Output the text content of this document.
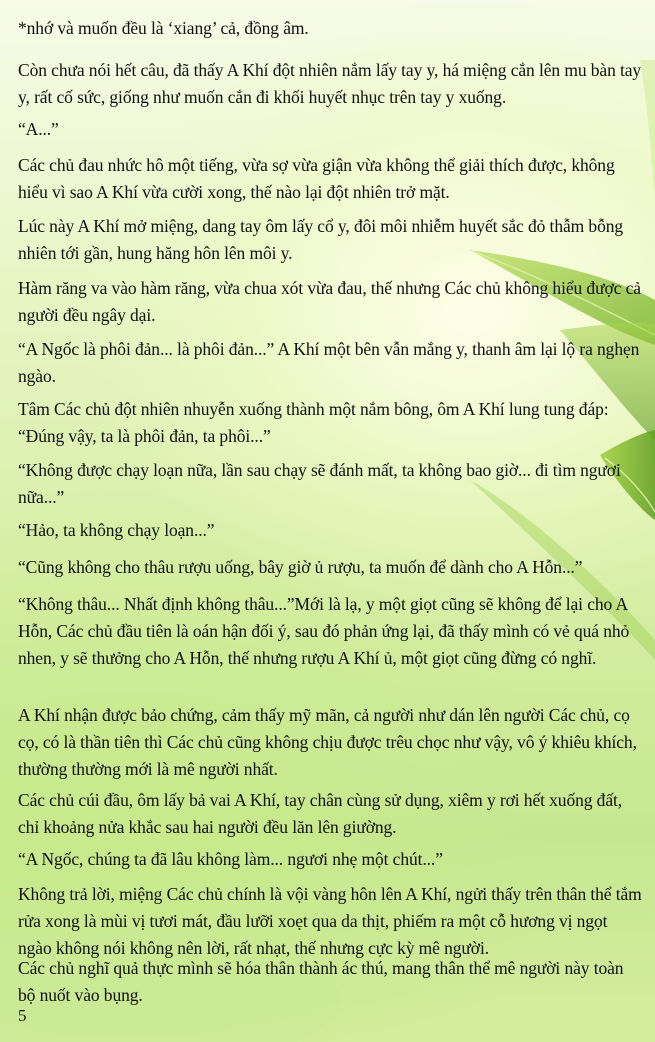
*nhớ và muốn đều là ‘xiang’ cả, đồng âm.

Còn chưa nói hết câu, đã thấy A Khí đột nhiên nắm lấy tay y, há miệng cắn lên mu bàn tay y, rất cố sức, giống như muốn cắn đi khối huyết nhục trên tay y xuống.

“A...”

Các chủ đau nhức hô một tiếng, vừa sợ vừa giận vừa không thể giải thích được, không hiểu vì sao A Khí vừa cười xong, thế nào lại đột nhiên trở mặt.

Lúc này A Khí mở miệng, dang tay ôm lấy cổ y, đôi môi nhiễm huyết sắc đỏ thẫm bỗng nhiên tới gần, hung hăng hôn lên môi y.

Hàm răng va vào hàm răng, vừa chua xót vừa đau, thế nhưng Các chủ không hiểu được cả người đều ngây dại.

“A Ngốc là phôi đản... là phôi đản...” A Khí một bên vẫn mắng y, thanh âm lại lộ ra nghẹn ngào.

Tâm Các chủ đột nhiên nhuyễn xuống thành một nắm bông, ôm A Khí lung tung đáp: “Đúng vậy, ta là phôi đản, ta phôi...”

“Không được chạy loạn nữa, lần sau chạy sẽ đánh mất, ta không bao giờ... đi tìm ngươi nữa...”

“Hảo, ta không chạy loạn...”

“Cũng không cho thâu rượu uống, bây giờ ủ rượu, ta muốn để dành cho A Hỗn...”

“Không thâu... Nhất định không thâu...”Mới là lạ, y một giọt cũng sẽ không để lại cho A Hỗn, Các chủ đầu tiên là oán hận đối ý, sau đó phản ứng lại, đã thấy mình có vẻ quá nhỏ nhen, y sẽ thưởng cho A Hỗn, thế nhưng rượu A Khí ủ, một giọt cũng đừng có nghĩ.

A Khí nhận được bảo chứng, cảm thấy mỹ mãn, cả người như dán lên người Các chủ, cọ cọ, có là thần tiên thì Các chủ cũng không chịu được trêu chọc như vậy, vô ý khiêu khích, thường thường mới là mê người nhất.

Các chủ cúi đầu, ôm lấy bả vai A Khí, tay chân cùng sử dụng, xiêm y rơi hết xuống đất, chỉ khoảng nửa khắc sau hai người đều lăn lên giường.

“A Ngốc, chúng ta đã lâu không làm... ngươi nhẹ một chút...”

Không trả lời, miệng Các chủ chính là vội vàng hôn lên A Khí, ngửi thấy trên thân thể tắm rửa xong là mùi vị tươi mát, đầu lưỡi xoẹt qua da thịt, phiếm ra một cỗ hương vị ngọt ngào không nói không nên lời, rất nhạt, thế nhưng cực kỳ mê người.

Các chủ nghĩ quả thực mình sẽ hóa thân thành ác thú, mang thân thể mê người này toàn bộ nuốt vào bụng.

5
